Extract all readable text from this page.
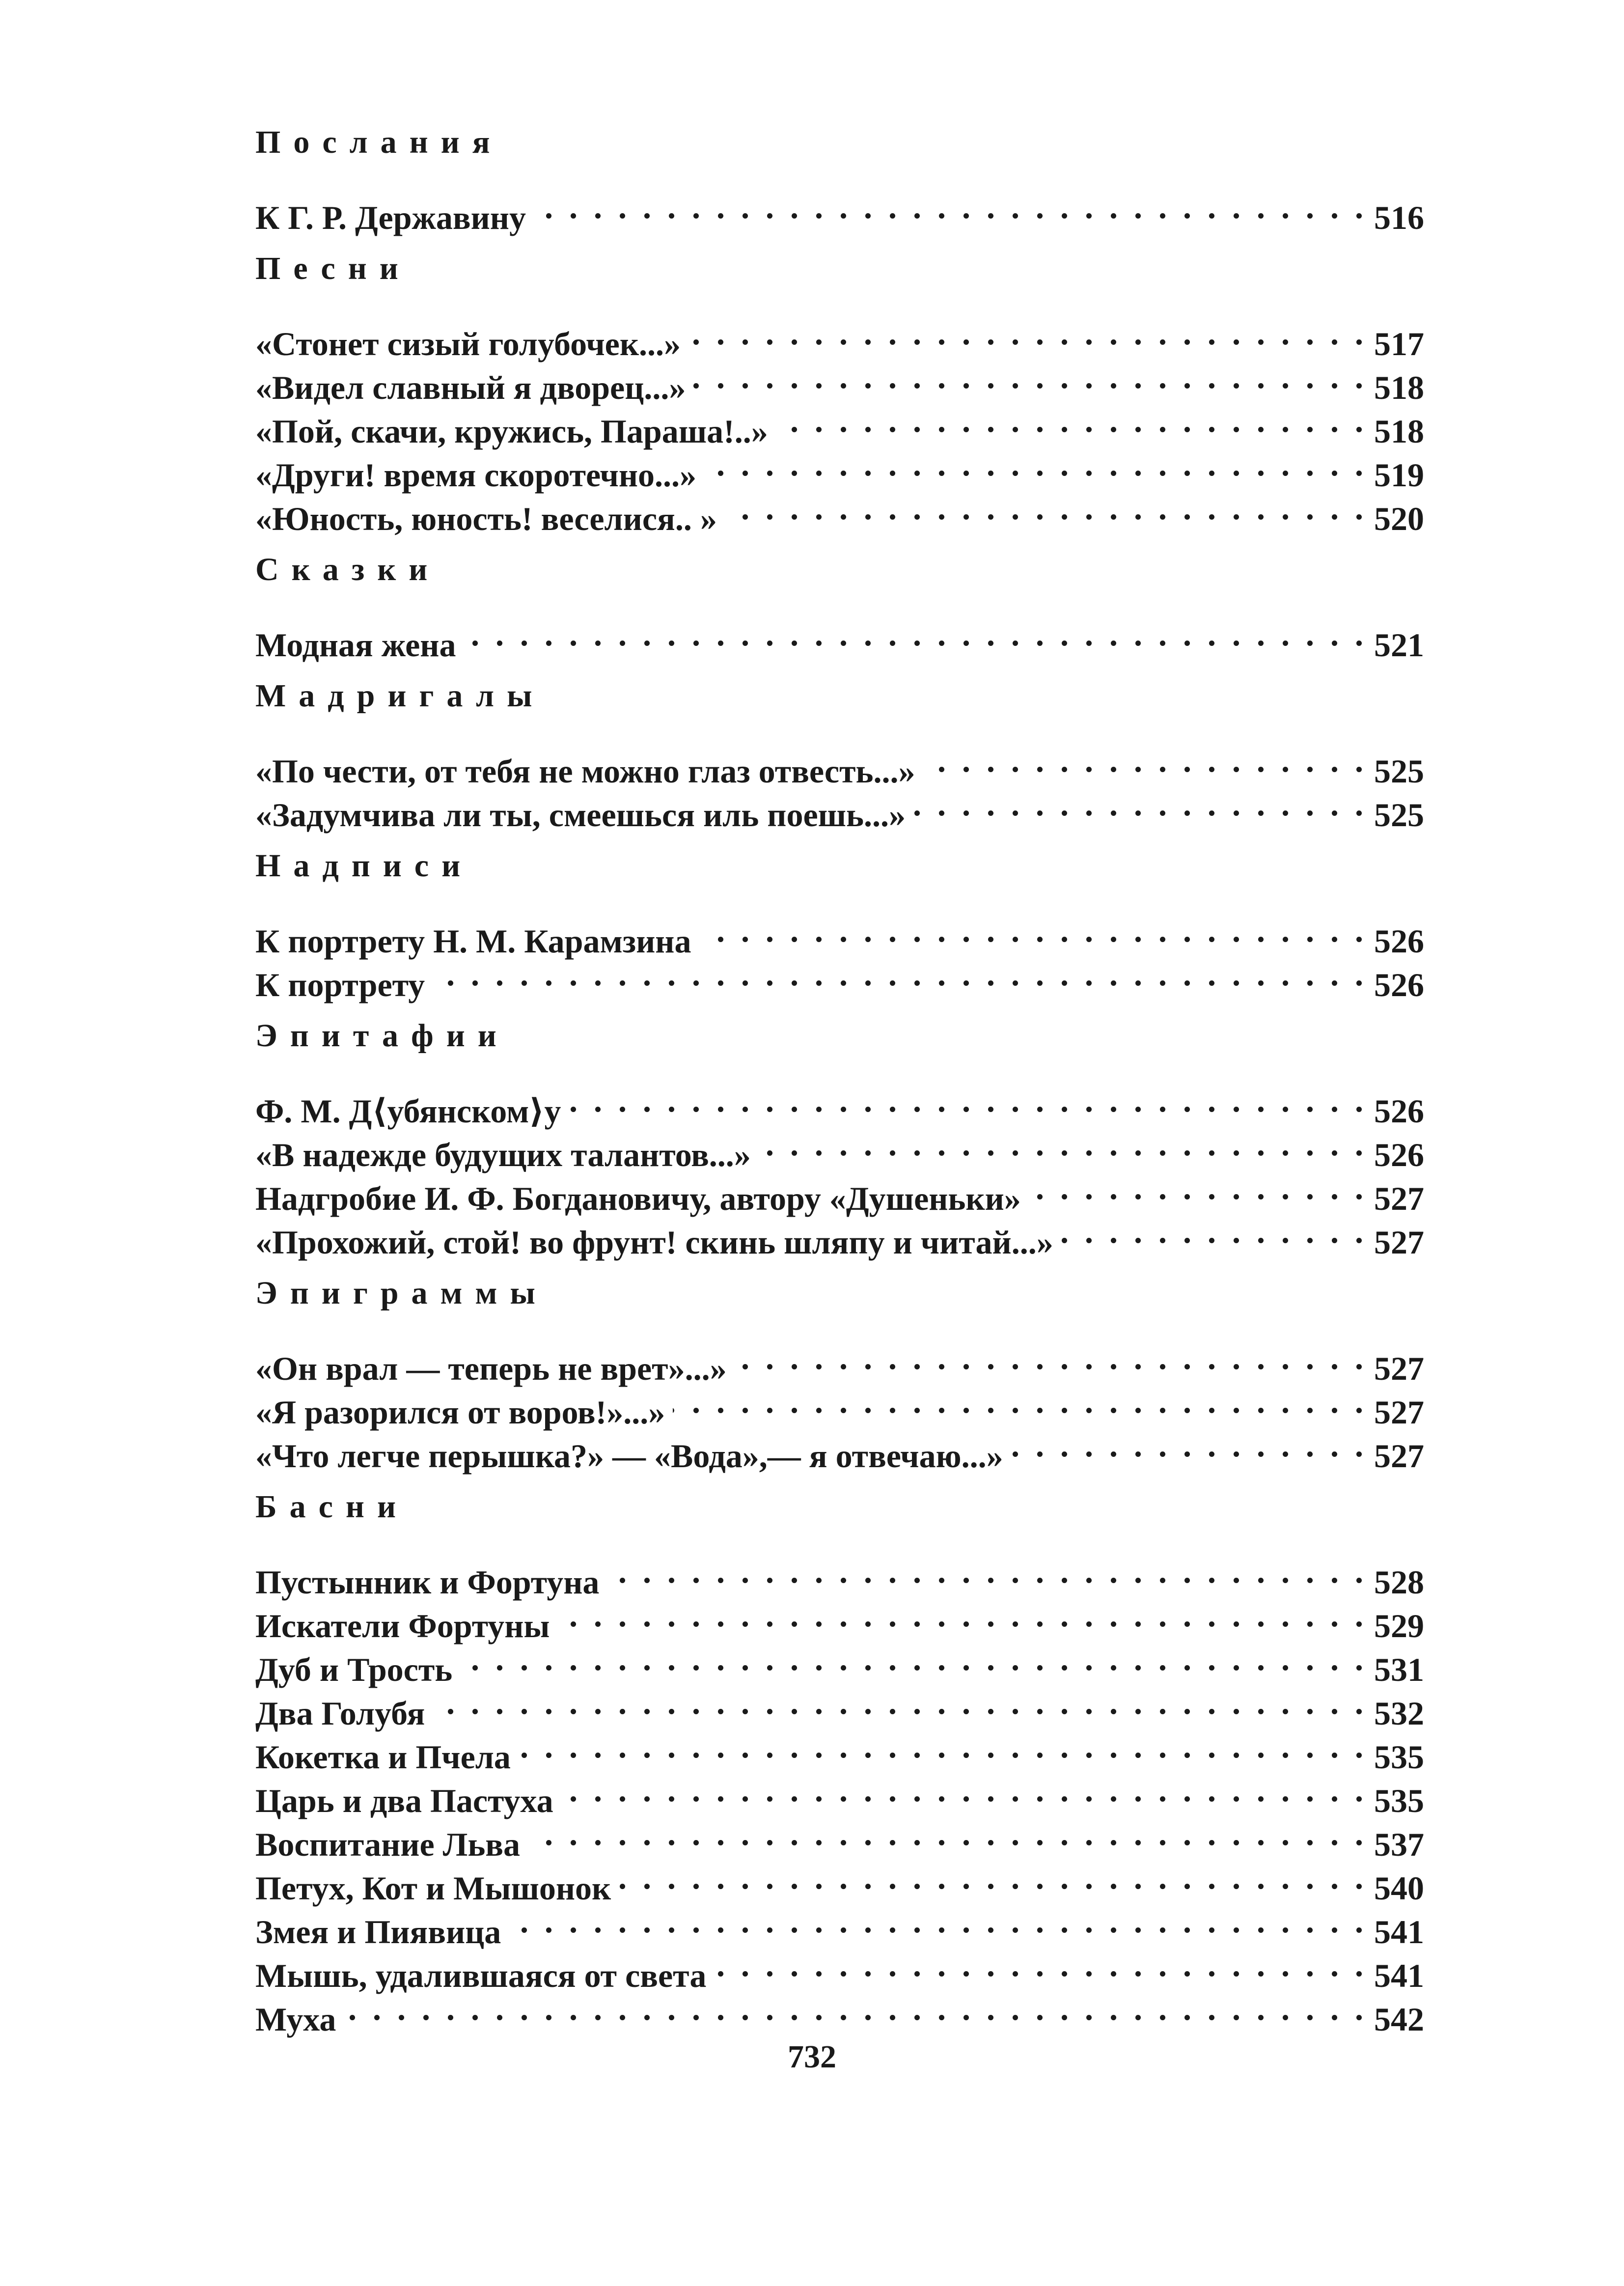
Послания
К Г. Р. Державину . . .	516
Песни
«Стонет сизый голубочек...» . . .	517
«Видел славный я дворец...» . . .	518
«Пой, скачи, кружись, Параша!..» . . .	518
«Други! время скоротечно...» . . .	519
«Юность, юность! веселися.. » . . .	520
Сказки
Модная жена . . .	521
Мадригалы
«По чести, от тебя не можно глаз отвесть...» . . .	525
«Задумчива ли ты, смеешься иль поешь...» . . .	525
Надписи
К портрету Н. М. Карамзина . . .	526
К портрету . . .	526
Эпитафии
Ф. М. Д⟨убянском⟩у . . .	526
«В надежде будущих талантов...» . . .	526
Надгробие И. Ф. Богдановичу, автору «Душеньки» . . .	527
«Прохожий, стой! во фрунт! скинь шляпу и читай...» . . .	527
Эпиграммы
«Он врал — теперь не врет»...» . . .	527
«Я разорился от воров!»...» . . .	527
«Что легче перышка?» — «Вода»,— я отвечаю...» . . .	527
Басни
Пустынник и Фортуна . . .	528
Искатели Фортуны . . .	529
Дуб и Трость . . .	531
Два Голубя . . .	532
Кокетка и Пчела . . .	535
Царь и два Пастуха . . .	535
Воспитание Льва . . .	537
Петух, Кот и Мышонок . . .	540
Змея и Пиявица . . .	541
Мышь, удалившаяся от света . . .	541
Муха . . .	542
732
